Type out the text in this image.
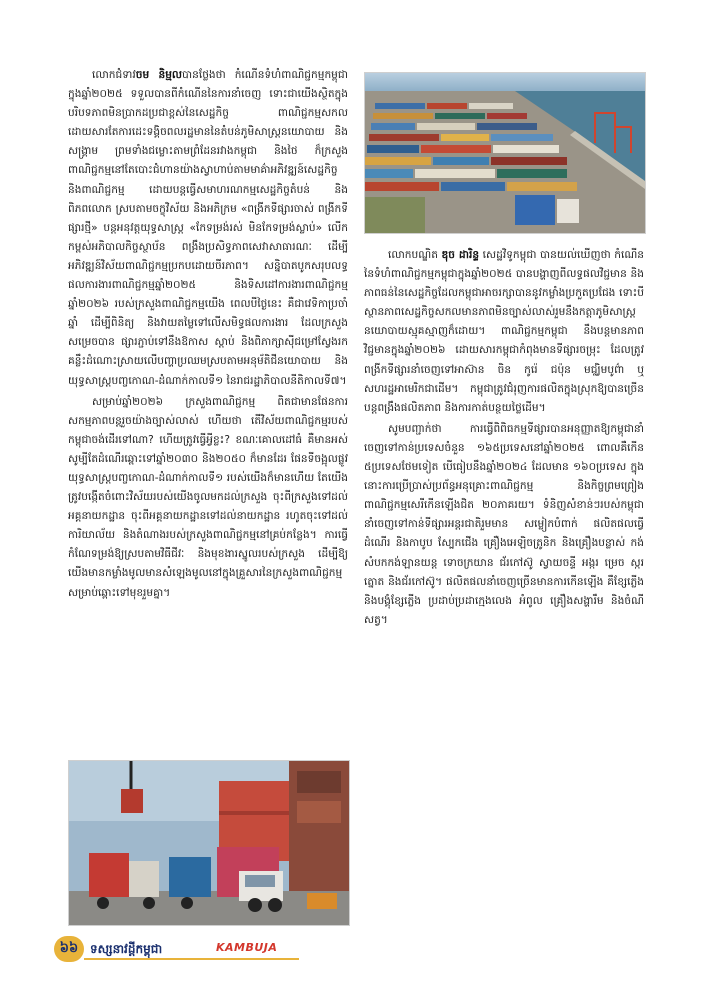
លោកជំទាវចម និម្មលបានថ្លែងថា កំណើនទំហំពាណិជ្ជកម្មកម្ពុជាក្នុងឆ្នាំ២០២៥ ទទួលបានពីកំណើននៃការនាំចេញ ទោះជាយើងស្ថិតក្នុងបរិបទភាពមិនប្រាកដប្រជាខ្ពស់នៃសេដ្ឋកិច្ច ពាណិជ្ជកម្មសកល ដោយសារតែការដេះទង្គិចពលរដ្ឋមាននៃតំបន់ភូមិសាស្ត្រនយោបាយ និងសង្គ្រាម ព្រមទាំងជម្លោះតាមព្រំដែនរវាងកម្ពុជា និងថៃ ក៏ក្រសួងពាណិជ្ជកម្មនៅតែបោះជំហានយ៉ាងស្វាហាប់តាមមាគ៌ាអភិវឌ្ឍន៍សេដ្ឋកិច្ច និងពាណិជ្ជកម្ម ដោយបន្តធ្វើសមាហរណកម្មសេដ្ឋកិច្ចតំបន់ និងពិភពលោក ស្របតាមចក្ខុវិស័យ និងអភិក្រម «ពង្រីកទីផ្សារចាស់ ពង្រីកទីផ្សារថ្មី» បន្តអនុវត្តយុទ្ធសាស្ត្រ «កែទម្រង់រស់ មិនកែទម្រង់ស្លាប់» លើកកម្ពស់អភិបាលកិច្ចស្ថាប័ន ពង្រឹងប្រសិទ្ធភាពសេវាសាធារណៈ ដើម្បីអភិវឌ្ឍន៍វិស័យពាណិជ្ជកម្មប្រកបដោយចីរភាព។ សន្និបាតបូកសរុបលទ្ធផលការងារពាណិជ្ជកម្មឆ្នាំ២០២៥ និងទិសដៅការងារពាណិជ្ជកម្មឆ្នាំ២០២៦ របស់ក្រសួងពាណិជ្ជកម្មយើង ពេលបីថ្ងៃនេះ គឺជាវេទិកាប្រចាំឆ្នាំ ដើម្បីពិនិត្យ និងវាយតម្លៃទៅលើសមិទ្ធផលការងារ ដែលក្រសួងសម្រេចបាន ផ្សារភ្ជាប់ទៅនឹងឱកាស ស្តាប់ និងពិភាក្សាស៊ីជម្រៅស្វែងរកគន្លឹះដំណោះស្រាយលើបញ្ហាប្រឈមស្របតាមអនុម័តិជីនយោបាយ និងយុទ្ធសាស្ត្របញ្ចកោណ-ដំណាក់កាលទី១ នៃរាជរដ្ឋាភិបាលនីតិកាលទី៧។

សម្រាប់ឆ្នាំ២០២៦ ក្រសួងពាណិជ្ជកម្ម ពិតជាមានផែនការសកម្មភាពបន្តរួចយ៉ាងច្បាស់លាស់ ហើយថា តើវិស័យពាណិជ្ជកម្មរបស់កម្ពុជាចង់ដើរទៅណា? ហើយត្រូវធ្វើអ្វីខ្លះ? ខណៈគោលដៅធំ គឺមានអស់ សូម្បីតែដំណើរឆ្ពោះទៅឆ្នាំ២០៣០ និង២០៥០ ក៏មានដែរ ផែនទីចង្អុលផ្លូវយុទ្ធសាស្ត្របញ្ចកោណ-ដំណាក់កាលទី១ របស់យើងក៏មានហើយ តែយើងត្រូវបង្កើតចំពោះវិស័យរបស់យើងចូលមកដល់ក្រសួង ចុះពីក្រសួងទៅដល់អគ្គនាយកដ្ឋាន ចុះពីអគ្គនាយកដ្ឋានទៅដល់នាយកដ្ឋាន រហូតចុះទៅដល់ការិយាល័យ និងតំណាងរបស់ក្រសួងពាណិជ្ជកម្មនៅគ្រប់កន្លែង។ ការធ្វើកំណែទម្រង់ឱ្យស្របតាមវិធីជីវៈ និងមុខងារស្នូលរបស់ក្រសួង ដើម្បីឱ្យយើងមានកម្លាំងមូលមានសំឡេងមូលនៅក្នុងគ្រួសារនៃក្រសួងពាណិជ្ជកម្មសម្រាប់ឆ្ពោះទៅមុខរួមគ្នា។

លោកបណ្ឌិត ឌុច ដារិន្ទ សេដ្ឋវិទូកម្ពុជា បានយល់ឃើញថា កំណើននៃទំហំពាណិជ្ជកម្មកម្ពុជាក្នុងឆ្នាំ២០២៥ បានបង្ហាញពីលទ្ធផលវិជ្ជមាន និងភាពធន់នៃសេដ្ឋកិច្ចដែលកម្ពុជាអាចរក្សាបាននូវកម្លាំងប្រកួតប្រជែង ទោះបីស្ថានភាពសេដ្ឋកិច្ចសកលមានភាពមិនច្បាស់លាស់រួមនឹងកត្តាភូមិសាស្ត្រនយោបាយស្មុគស្មាញក៏ដោយ។ ពាណិជ្ជកម្មកម្ពុជា នឹងបន្តមានភាពវិជ្ជមានក្នុងឆ្នាំ២០២៦ ដោយសារកម្ពុជាកំពុងមានទីផ្សារចម្រុះ ដែលត្រូវពង្រីកទីផ្សារនាំចេញទៅអាស៊ាន ចិន កូរ៉េ ជប៉ុន មជ្ឈិមបូព៌ា ឬសហរដ្ឋអាមេរិកជាដើម។ កម្ពុជាត្រូវជំរុញការផលិតក្នុងស្រុកឱ្យបានច្រើន បន្តពង្រឹងផលិតភាព និងការកាត់បន្ថយថ្លៃដើម។

សូមបញ្ជាក់ថា ការធ្វើពិពិធកម្មទីផ្សារបានអនុញ្ញាតឱ្យកម្ពុជានាំចេញទៅកាន់ប្រទេសចំនួន ១៦៥ប្រទេសនៅឆ្នាំ២០២៥ ពោលគឺកើន ៥ប្រទេសថែមទៀត បើធៀបនឹងឆ្នាំ២០២៤ ដែលមាន ១៦០ប្រទេស ក្នុងនោះការប្រើប្រាស់ប្រព័ន្ធអនុគ្រោះពាណិជ្ជកម្ម និងកិច្ចព្រមព្រៀងពាណិជ្ជកម្មសេរីកើនឡើងជិត ២០ភាគរយ។ ទំនិញសំខាន់ៗរបស់កម្ពុជានាំចេញទៅកាន់ទីផ្សារអន្តរជាតិរួមមាន សម្លៀកបំពាក់ ផលិតផលធ្វើដំណើរ និងកាបូប ស្បែកជើង គ្រឿងអេឡិចត្រូនិក និងគ្រឿងបន្លាស់ កង់ សំបកកង់ឡានយន្ត ទោចក្រយាន ជ័រកៅស៊ូ ស្វាយចន្ទី អង្ករ ម្រេច ស្ករត្នោត និងជ័រកៅស៊ូ។ ផលិតផលនាំចេញច្រើនមានការកើនឡើង គឺខ្សែភ្លើង និងបង្គុំខ្សែភ្លើង ប្រដាប់ប្រដាក្មេងលេង អំពូល គ្រឿងសង្ហារឹម និងចំណីសត្វ។

៦៦ ទស្សនាវដ្ដីកម្ពុជា	KAMBUJA
